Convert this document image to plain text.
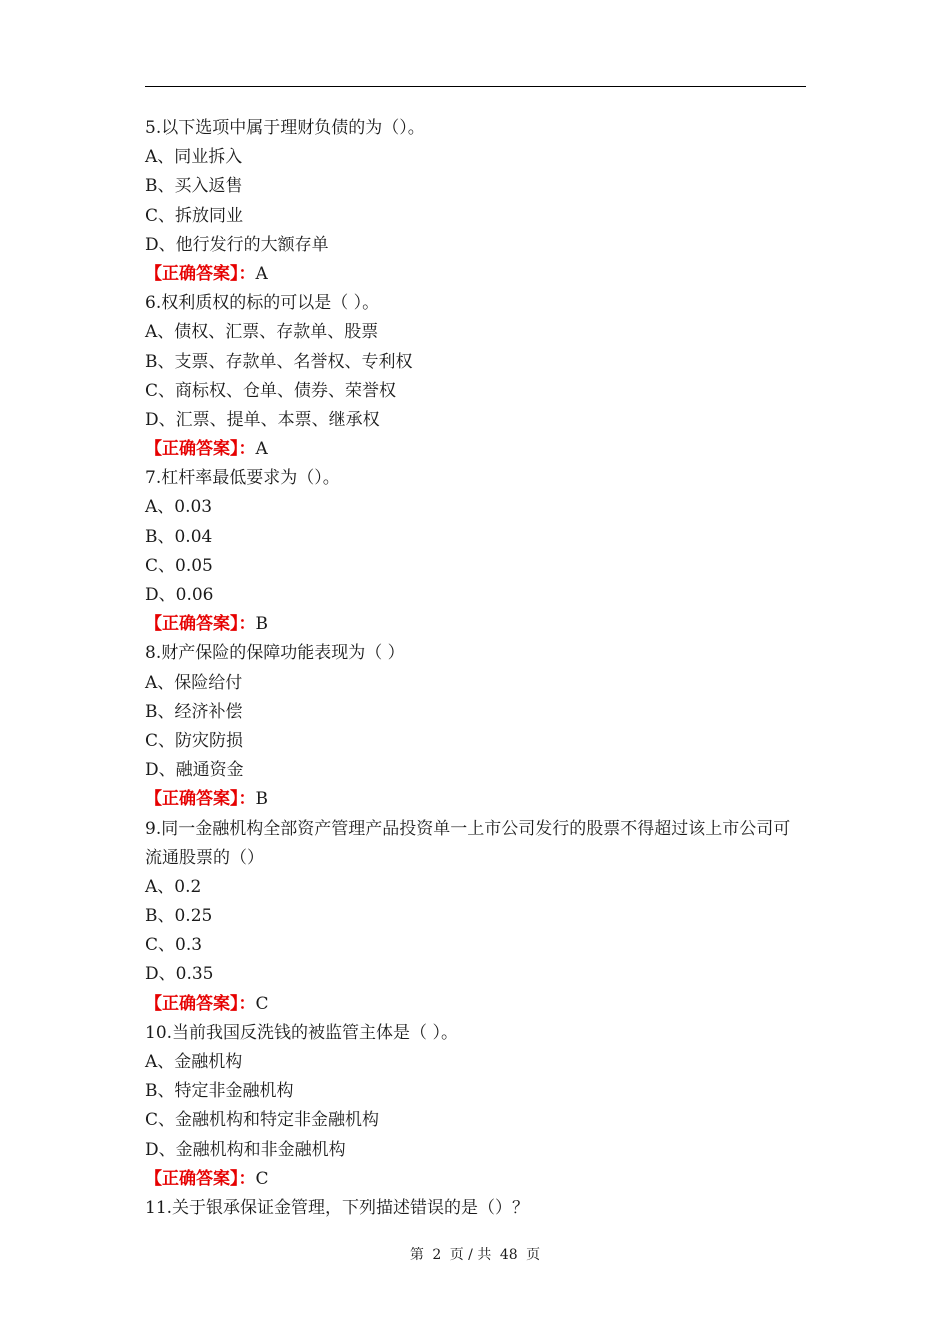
5.以下选项中属于理财负债的为（）。
A、同业拆入
B、买入返售
C、拆放同业
D、他行发行的大额存单
【正确答案】：A
6.权利质权的标的可以是（ ）。
A、债权、汇票、存款单、股票
B、支票、存款单、名誉权、专利权
C、商标权、仓单、债券、荣誉权
D、汇票、提单、本票、继承权
【正确答案】：A
7.杠杆率最低要求为（）。
A、0.03
B、0.04
C、0.05
D、0.06
【正确答案】：B
8.财产保险的保障功能表现为（ ）
A、保险给付
B、经济补偿
C、防灾防损
D、融通资金
【正确答案】：B
9.同一金融机构全部资产管理产品投资单一上市公司发行的股票不得超过该上市公司可流通股票的（）
A、0.2
B、0.25
C、0.3
D、0.35
【正确答案】：C
10.当前我国反洗钱的被监管主体是（ ）。
A、金融机构
B、特定非金融机构
C、金融机构和特定非金融机构
D、金融机构和非金融机构
【正确答案】：C
11.关于银承保证金管理，下列描述错误的是（）？
第 2 页 / 共 48 页
